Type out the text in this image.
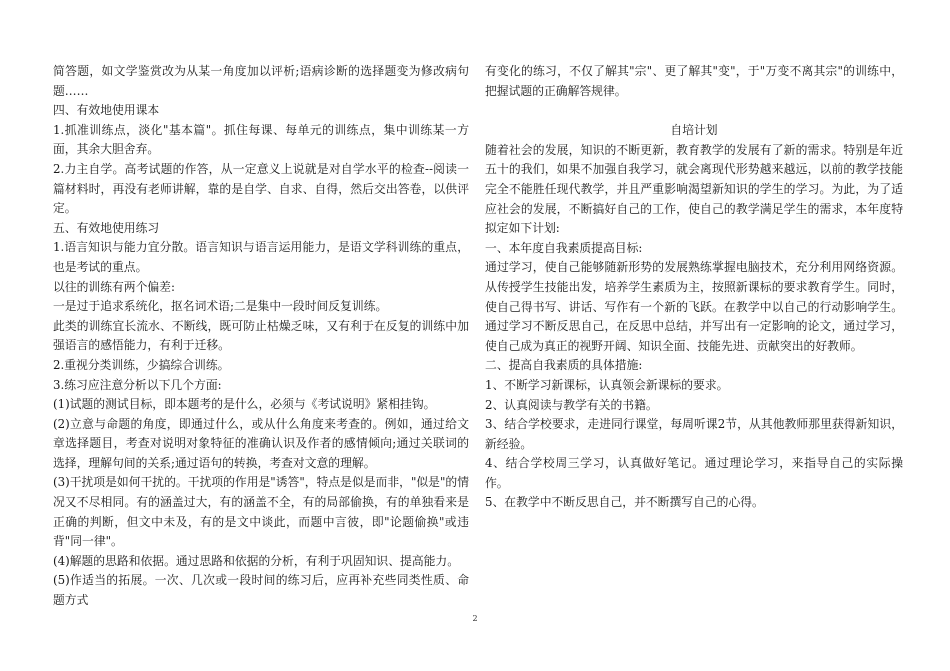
简答题，如文学鉴赏改为从某一角度加以评析;语病诊断的选择题变为修改病句题……

四、有效地使用课本

1.抓准训练点，淡化"基本篇"。抓住每课、每单元的训练点，集中训练某一方面，其余大胆舍弃。

2.力主自学。高考试题的作答，从一定意义上说就是对自学水平的检查--阅读一篇材料时，再没有老师讲解，靠的是自学、自求、自得，然后交出答卷，以供评定。

五、有效地使用练习

1.语言知识与能力宜分散。语言知识与语言运用能力，是语文学科训练的重点，也是考试的重点。

以往的训练有两个偏差:

一是过于追求系统化，抠名词术语;二是集中一段时间反复训练。

此类的训练宜长流水、不断线，既可防止枯燥乏味，又有利于在反复的训练中加强语言的感悟能力，有利于迁移。

2.重视分类训练，少搞综合训练。

3.练习应注意分析以下几个方面:

(1)试题的测试目标，即本题考的是什么，必须与《考试说明》紧相挂钩。

(2)立意与命题的角度，即通过什么，或从什么角度来考查的。例如，通过给文章选择题目，考查对说明对象特征的准确认识及作者的感情倾向;通过关联词的选择，理解句间的关系;通过语句的转换，考查对文意的理解。

(3)干扰项是如何干扰的。干扰项的作用是"诱答"，特点是似是而非，"似是"的情况又不尽相同。有的涵盖过大，有的涵盖不全，有的局部偷换，有的单独看来是正确的判断，但文中未及，有的是文中谈此，而题中言彼，即"论题偷换"或违背"同一律"。

(4)解题的思路和依据。通过思路和依据的分析，有利于巩固知识、提高能力。

(5)作适当的拓展。一次、几次或一段时间的练习后，应再补充些同类性质、命题方式

有变化的练习，不仅了解其"宗"、更了解其"变"，于"万变不离其宗"的训练中，把握试题的正确解答规律。

自培计划

随着社会的发展，知识的不断更新，教育教学的发展有了新的需求。特别是年近五十的我们，如果不加强自我学习，就会离现代形势越来越远，以前的教学技能完全不能胜任现代教学，并且严重影响渴望新知识的学生的学习。为此，为了适应社会的发展，不断搞好自己的工作，使自己的教学满足学生的需求，本年度特拟定如下计划:

一、本年度自我素质提高目标:

通过学习，使自己能够随新形势的发展熟练掌握电脑技术，充分利用网络资源。从传授学生技能出发，培养学生素质为主，按照新课标的要求教育学生。同时，使自己得书写、讲话、写作有一个新的飞跃。在教学中以自己的行动影响学生。通过学习不断反思自己，在反思中总结，并写出有一定影响的论文，通过学习，使自己成为真正的视野开阔、知识全面、技能先进、贡献突出的好教师。

二、提高自我素质的具体措施:

1、不断学习新课标，认真领会新课标的要求。

2、认真阅读与教学有关的书籍。

3、结合学校要求，走进同行课堂，每周听课2节，从其他教师那里获得新知识，新经验。

4、结合学校周三学习，认真做好笔记。通过理论学习，来指导自己的实际操作。

5、在教学中不断反思自己，并不断撰写自己的心得。

2
